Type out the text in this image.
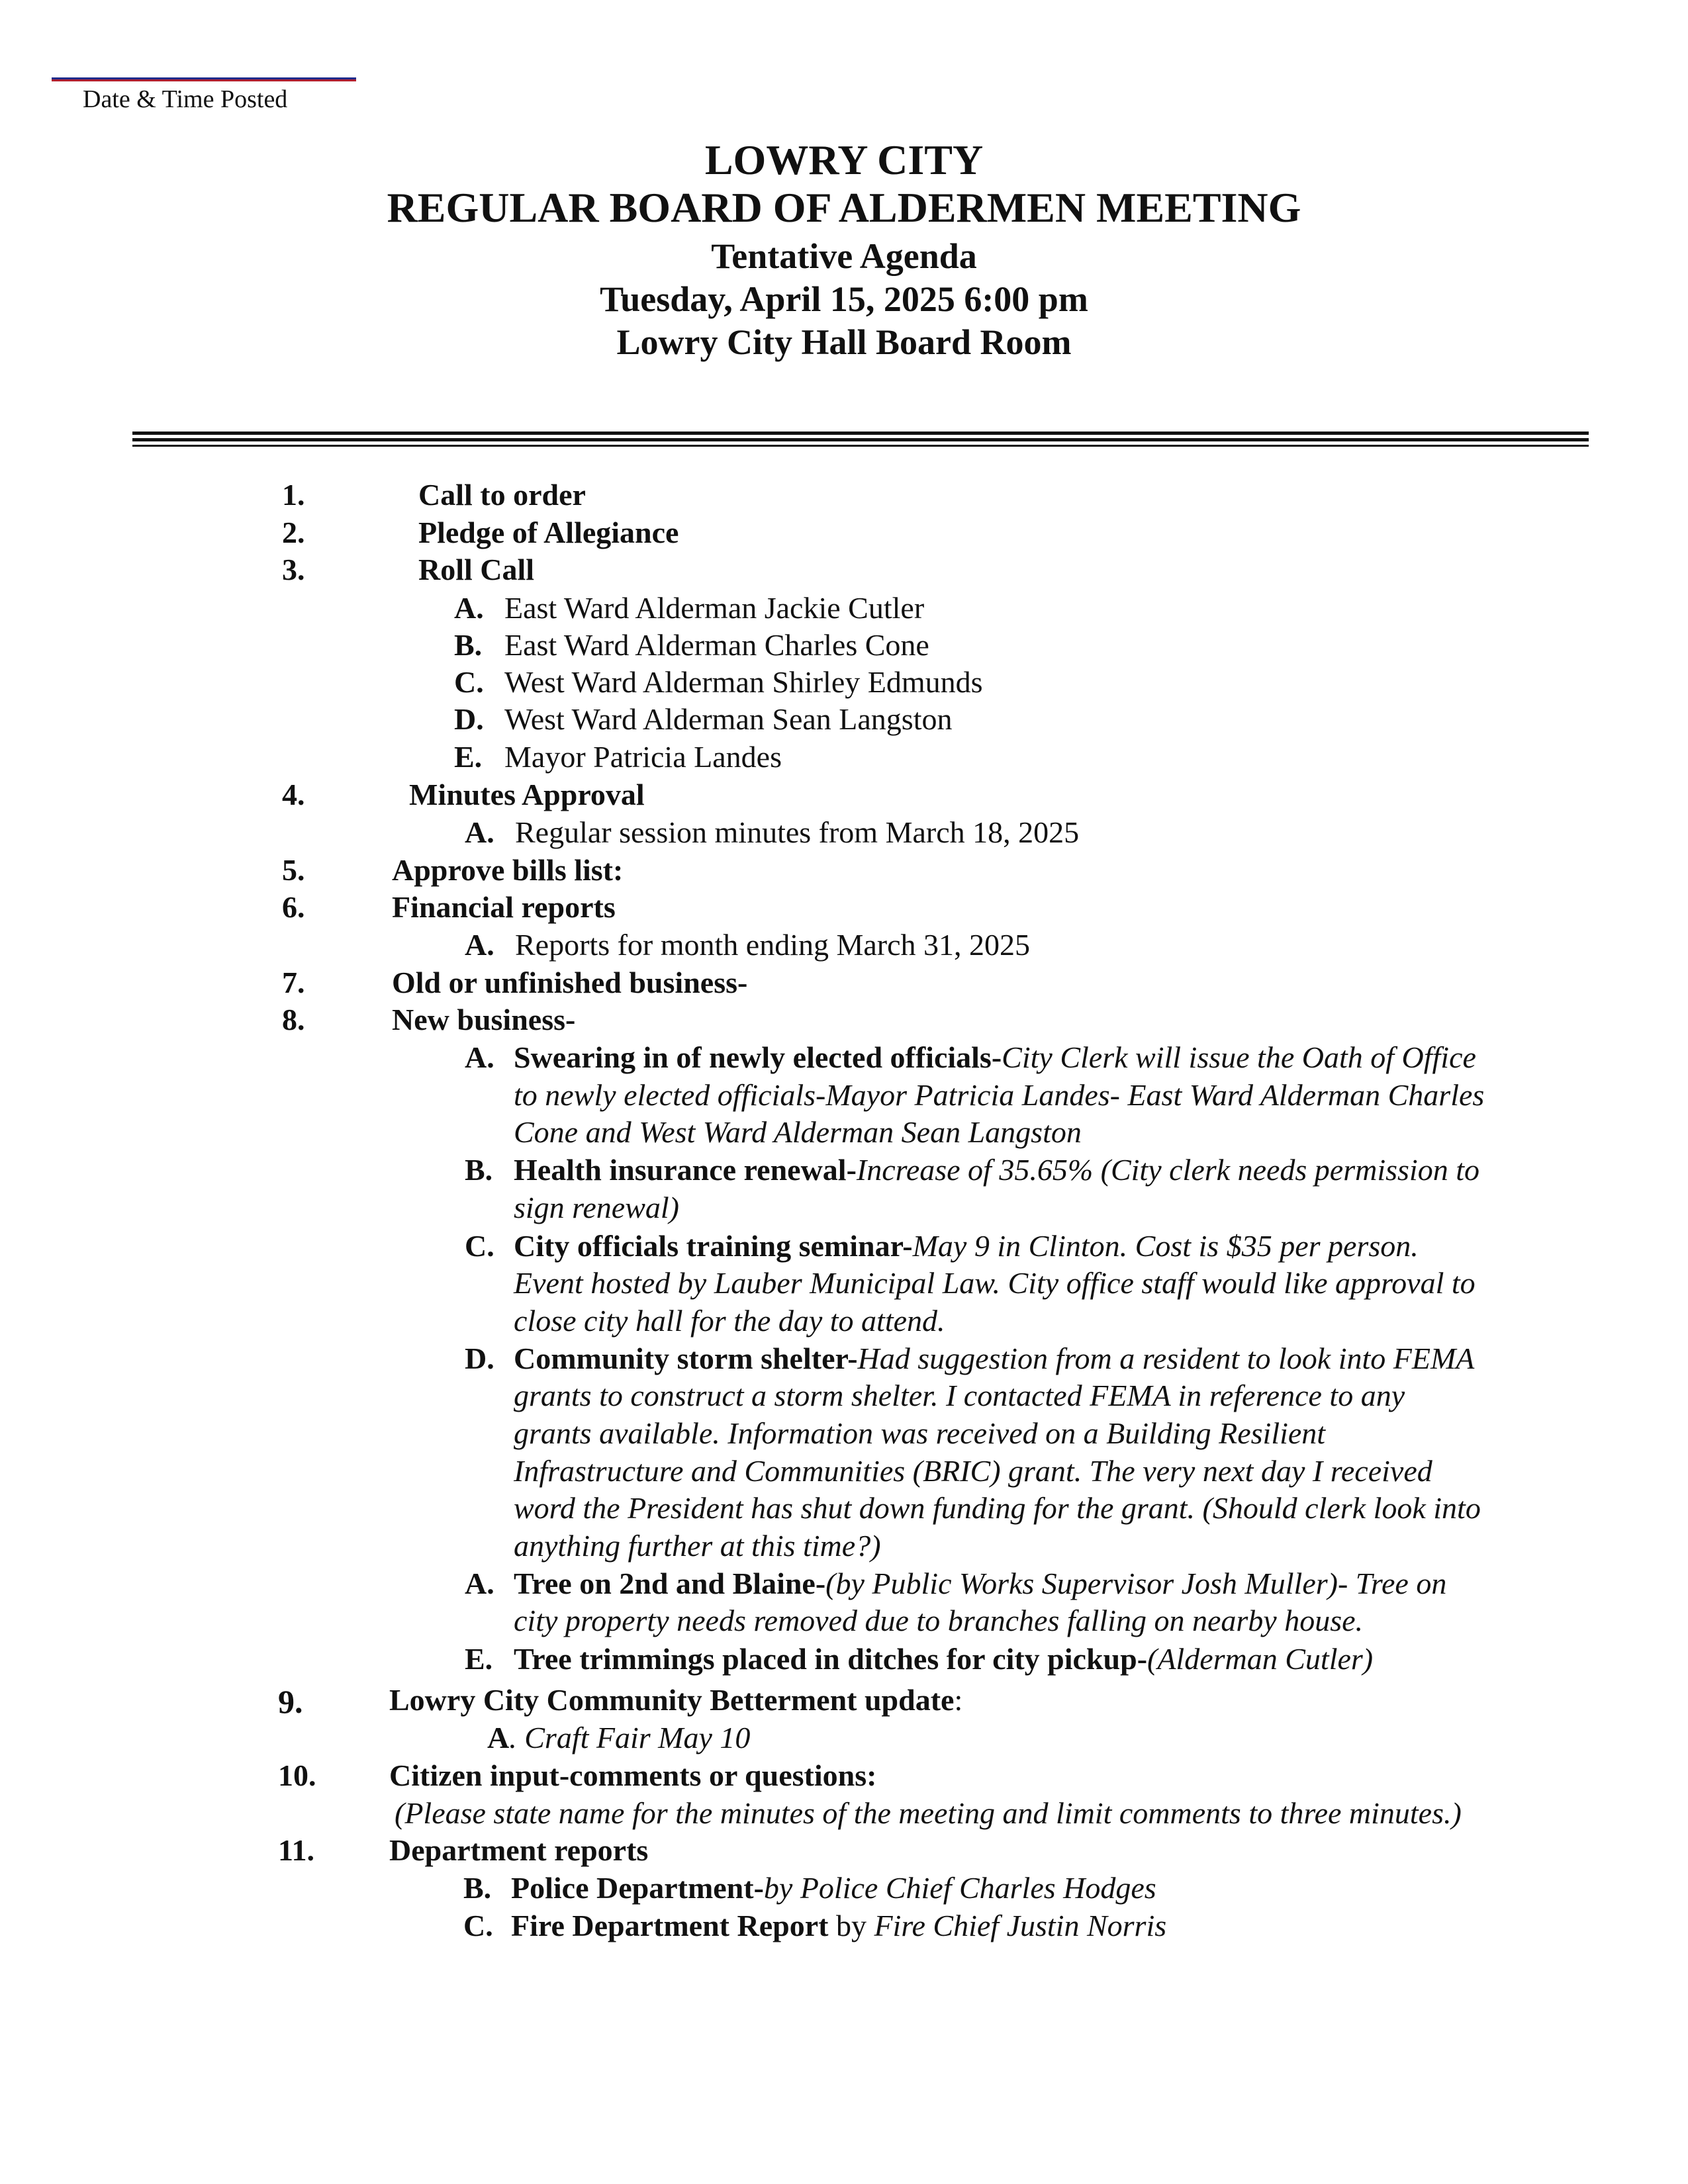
Date & Time Posted
LOWRY CITY
REGULAR BOARD OF ALDERMEN MEETING
Tentative Agenda
Tuesday, April 15, 2025 6:00 pm
Lowry City Hall Board Room
1.	Call to order
2.	Pledge of Allegiance
3.	Roll Call
A. East Ward Alderman Jackie Cutler
B. East Ward Alderman Charles Cone
C. West Ward Alderman Shirley Edmunds
D. West Ward Alderman Sean Langston
E. Mayor Patricia Landes
4.	Minutes Approval
A. Regular session minutes from March 18, 2025
5.	Approve bills list:
6.	Financial reports
A. Reports for month ending March 31, 2025
7.	Old or unfinished business-
8.	New business-
A. Swearing in of newly elected officials-City Clerk will issue the Oath of Office
to newly elected officials-Mayor Patricia Landes- East Ward Alderman Charles
Cone and West Ward Alderman Sean Langston
B. Health insurance renewal-Increase of 35.65% (City clerk needs permission to
sign renewal)
C. City officials training seminar-May 9 in Clinton. Cost is $35 per person.
Event hosted by Lauber Municipal Law. City office staff would like approval to
close city hall for the day to attend.
D. Community storm shelter-Had suggestion from a resident to look into FEMA
grants to construct a storm shelter. I contacted FEMA in reference to any
grants available. Information was received on a Building Resilient
Infrastructure and Communities (BRIC) grant. The very next day I received
word the President has shut down funding for the grant. (Should clerk look into
anything further at this time?)
A. Tree on 2nd and Blaine-(by Public Works Supervisor Josh Muller)- Tree on
city property needs removed due to branches falling on nearby house.
E. Tree trimmings placed in ditches for city pickup-(Alderman Cutler)
9.	Lowry City Community Betterment update:
A. Craft Fair May 10
10. Citizen input-comments or questions:
(Please state name for the minutes of the meeting and limit comments to three minutes.)
11. Department reports
B. Police Department-by Police Chief Charles Hodges
C. Fire Department Report by Fire Chief Justin Norris
